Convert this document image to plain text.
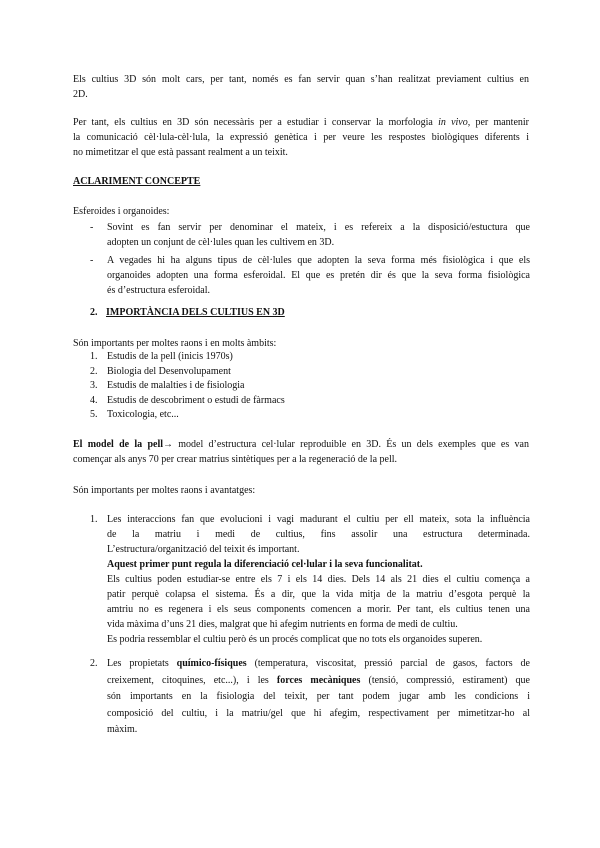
Els cultius 3D són molt cars, per tant, només es fan servir quan s’han realitzat previament cultius en
2D.
Per tant, els cultius en 3D són necessàris per a estudiar i conservar la morfologia in vivo, per mantenir
la comunicació cèl·lula-cèl·lula, la expressió genètica i per veure les respostes biològiques diferents i
no mimetitzar el que està passant realment a un teixit.
ACLARIMENT CONCEPTE
Esferoides i organoides:
- Sovint es fan servir per denominar el mateix, i es refereix a la disposició/estuctura que
adopten un conjunt de cèl·lules quan les cultivem en 3D.
- A vegades hi ha alguns tipus de cèl·lules que adopten la seva forma més fisiològica i que els
organoides adopten una forma esferoidal. El que es pretén dir és que la seva forma fisiològica
és d’estructura esferoidal.
2. IMPORTÀNCIA DELS CULTIUS EN 3D
Són importants per moltes raons i en molts àmbits:
1. Estudis de la pell (inicis 1970s)
2. Biologia del Desenvolupament
3. Estudis de malalties i de fisiologia
4. Estudis de descobriment o estudi de fàrmacs
5. Toxicologia, etc...
El model de la pell→ model d’estructura cel·lular reproduible en 3D. És un dels exemples que es van
començar als anys 70 per crear matrius sintètiques per a la regeneració de la pell.
Són importants per moltes raons i avantatges:
1. Les interaccions fan que evolucioni i vagi madurant el cultiu per ell mateix, sota la influència
de la matriu i medi de cultius, fins assolir una estructura determinada.
L’estructura/organització del teixit és important.
Aquest primer punt regula la diferenciació cel·lular i la seva funcionalitat.
Els cultius poden estudiar-se entre els 7 i els 14 dies. Dels 14 als 21 dies el cultiu comença a
patir perquè colapsa el sistema. És a dir, que la vida mitja de la matriu d’esgota perquè la
amtriu no es regenera i els seus components comencen a morir. Per tant, els cultius tenen una
vida màxima d’uns 21 dies, malgrat que hi afegim nutrients en forma de medi de cultiu.
Es podria ressemblar el cultiu però és un procés complicat que no tots els organoides superen.
2. Les propietats químico-físiques (temperatura, viscositat, pressió parcial de gasos, factors de
creixement, citoquines, etc...), i les forces mecàniques (tensió, compressió, estirament) que
són importants en la fisiologia del teixit, per tant podem jugar amb les condicions i
composició del cultiu, i la matriu/gel que hi afegim, respectivament per mimetitzar-ho al
màxim.
